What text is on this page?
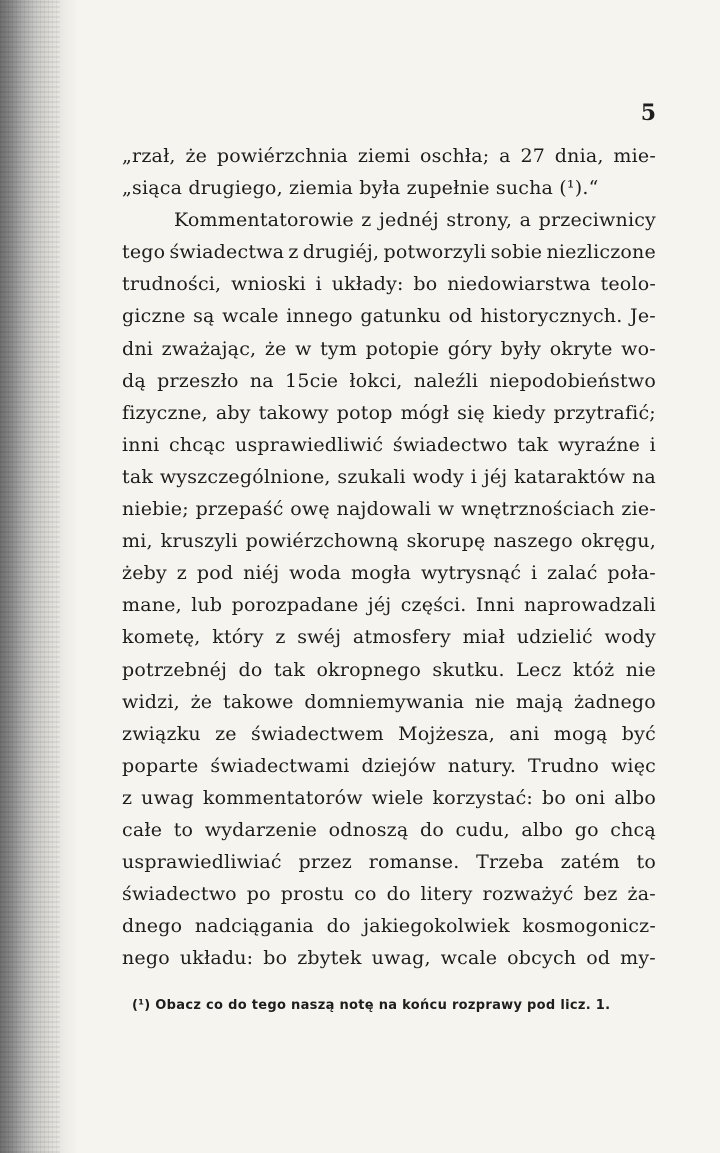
5
„rzał, że powiérzchnia ziemi oschła; a 27 dnia, mie-
„siąca drugiego, ziemia była zupełnie sucha (¹).“
Kommentatorowie z jednéj strony, a przeciwnicy
tego świadectwa z drugiéj, potworzyli sobie niezliczone
trudności, wnioski i układy: bo niedowiarstwa teolo-
giczne są wcale innego gatunku od historycznych. Je-
dni zważając, że w tym potopie góry były okryte wo-
dą przeszło na 15cie łokci, naleźli niepodobieństwo
fizyczne, aby takowy potop mógł się kiedy przytrafić;
inni chcąc usprawiedliwić świadectwo tak wyraźne i
tak wyszczególnione, szukali wody i jéj kataraktów na
niebie; przepaść owę najdowali w wnętrznościach zie-
mi, kruszyli powiérzchowną skorupę naszego okręgu,
żeby z pod niéj woda mogła wytrysnąć i zalać poła-
mane, lub porozpadane jéj części. Inni naprowadzali
kometę, który z swéj atmosfery miał udzielić wody
potrzebnéj do tak okropnego skutku. Lecz któż nie
widzi, że takowe domniemywania nie mają żadnego
związku ze świadectwem Mojżesza, ani mogą być
poparte świadectwami dziejów natury. Trudno więc
z uwag kommentatorów wiele korzystać: bo oni albo
całe to wydarzenie odnoszą do cudu, albo go chcą
usprawiedliwiać przez romanse. Trzeba zatém to
świadectwo po prostu co do litery rozważyć bez ża-
dnego nadciągania do jakiegokolwiek kosmogonicz-
nego układu: bo zbytek uwag, wcale obcych od my-
(¹) Obacz co do tego naszą notę na końcu rozprawy pod licz. 1.
